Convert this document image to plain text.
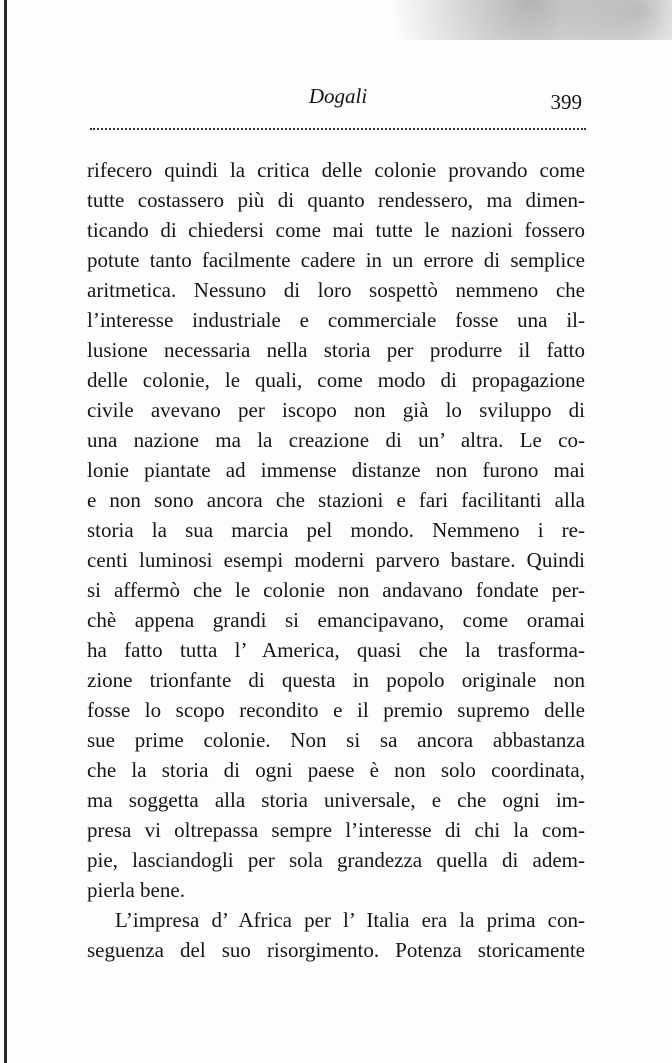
Dogali	399
rifecero quindi la critica delle colonie provando come
tutte costassero più di quanto rendessero, ma dimen-
ticando di chiedersi come mai tutte le nazioni fossero
potute tanto facilmente cadere in un errore di semplice
aritmetica. Nessuno di loro sospettò nemmeno che
l’interesse industriale e commerciale fosse una il-
lusione necessaria nella storia per produrre il fatto
delle colonie, le quali, come modo di propagazione
civile avevano per iscopo non già lo sviluppo di
una nazione ma la creazione di un’ altra. Le co-
lonie piantate ad immense distanze non furono mai
e non sono ancora che stazioni e fari facilitanti alla
storia la sua marcia pel mondo. Nemmeno i re-
centi luminosi esempi moderni parvero bastare. Quindi
si affermò che le colonie non andavano fondate per-
chè appena grandi si emancipavano, come oramai
ha fatto tutta l’ America, quasi che la trasforma-
zione trionfante di questa in popolo originale non
fosse lo scopo recondito e il premio supremo delle
sue prime colonie. Non si sa ancora abbastanza
che la storia di ogni paese è non solo coordinata,
ma soggetta alla storia universale, e che ogni im-
presa vi oltrepassa sempre l’interesse di chi la com-
pie, lasciandogli per sola grandezza quella di adem-
pierla bene.
L’impresa d’ Africa per l’ Italia era la prima con-
seguenza del suo risorgimento. Potenza storicamente
